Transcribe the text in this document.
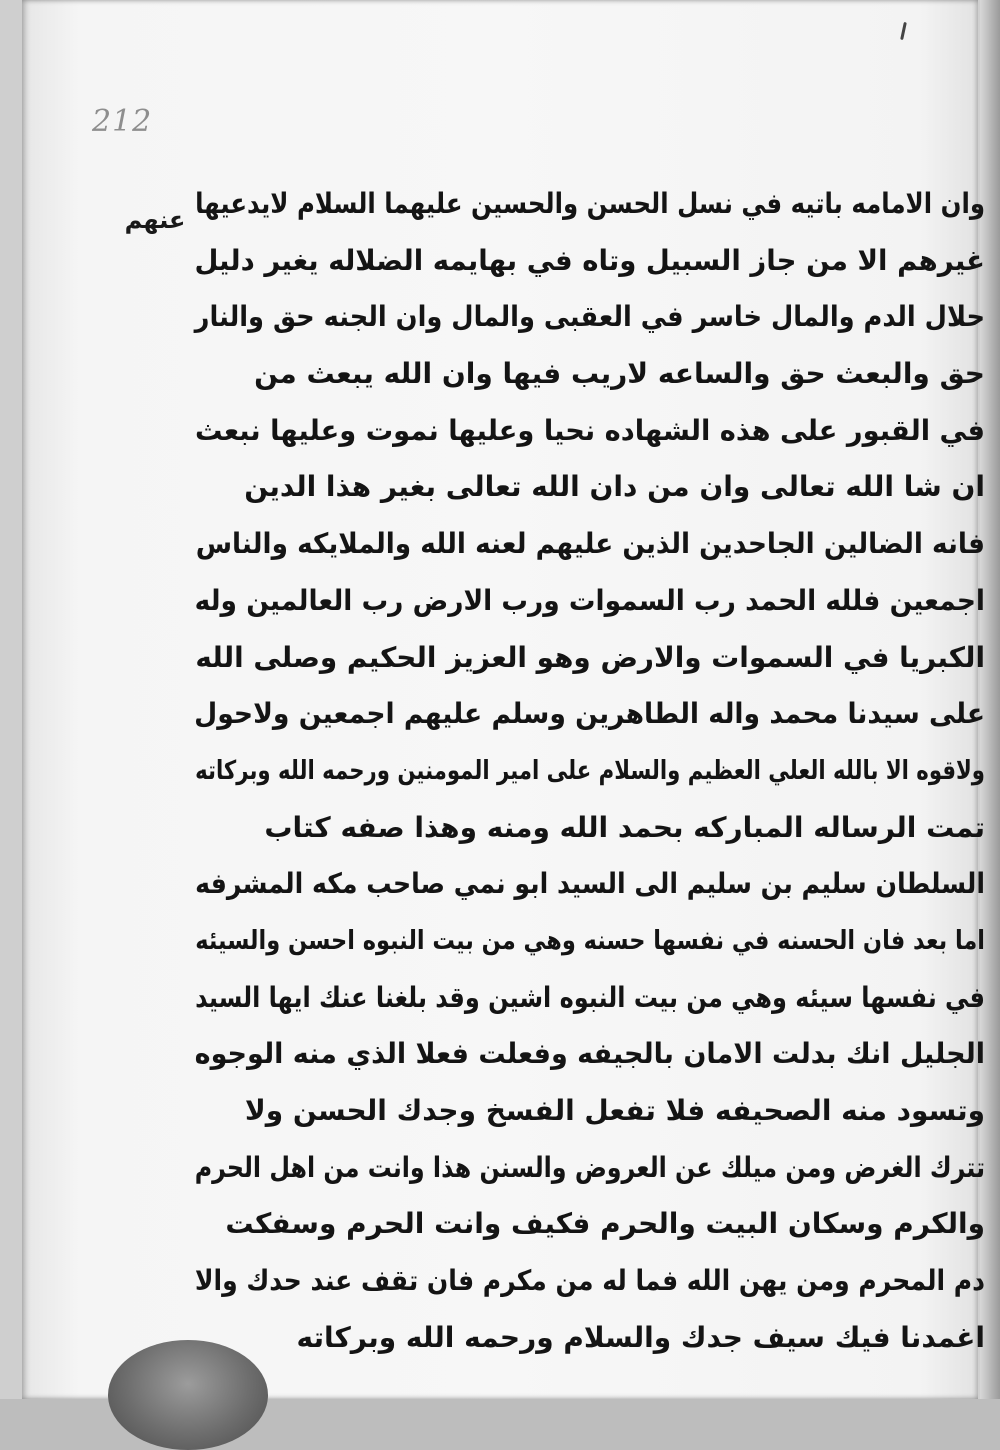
212
عنهم وان الامامه باتيه في نسل الحسن والحسين عليهما السلام لايدعيها
غيرهم الا من جاز السبيل وتاه في بهايمه الضلاله يغير دليل
حلال الدم والمال خاسر في العقبى والمال وان الجنه حق والنار
حق والبعث حق والساعه لاريب فيها وان الله يبعث من
في القبور على هذه الشهاده نحيا وعليها نموت وعليها نبعث
ان شا الله تعالى وان من دان الله تعالى بغير هذا الدين
فانه الضالين الجاحدين الذين عليهم لعنه الله والملايكه والناس
اجمعين فلله الحمد رب السموات ورب الارض رب العالمين وله
الكبريا في السموات والارض وهو العزيز الحكيم وصلى الله
على سيدنا محمد واله الطاهرين وسلم عليهم اجمعين ولاحول
ولاقوه الا بالله العلي العظيم والسلام على امير المومنين ورحمه الله وبركاته
تمت الرساله المباركه بحمد الله ومنه وهذا صفه كتاب
السلطان سليم بن سليم الى السيد ابو نمي صاحب مكه المشرفه
اما بعد فان الحسنه في نفسها حسنه وهي من بيت النبوه احسن والسيئه
في نفسها سيئه وهي من بيت النبوه اشين وقد بلغنا عنك ايها السيد
الجليل انك بدلت الامان بالجيفه وفعلت فعلا الذي منه الوجوه
وتسود منه الصحيفه فلا تفعل الفسخ وجدك الحسن ولا
تترك الغرض ومن ميلك عن العروض والسنن هذا وانت من اهل الحرم
والكرم وسكان البيت والحرم فكيف وانت الحرم وسفكت
دم المحرم ومن يهن الله فما له من مكرم فان تقف عند حدك والا
اغمدنا فيك سيف جدك والسلام ورحمه الله وبركاته
